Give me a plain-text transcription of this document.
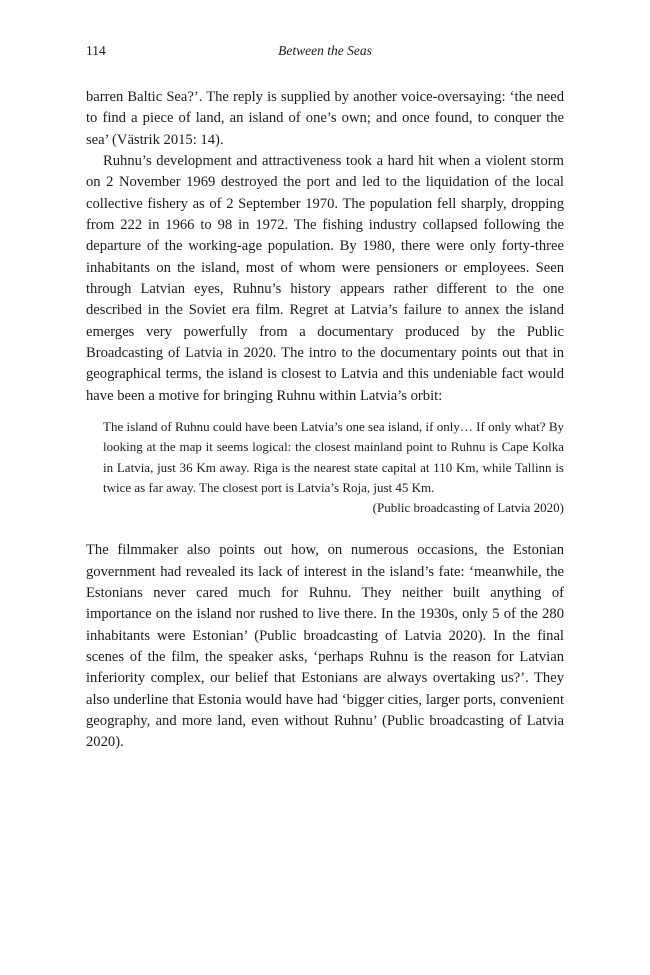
114	Between the Seas

barren Baltic Sea?’. The reply is supplied by another voice-oversaying: ‘the need to find a piece of land, an island of one’s own; and once found, to conquer the sea’ (Västrik 2015: 14).

Ruhnu’s development and attractiveness took a hard hit when a violent storm on 2 November 1969 destroyed the port and led to the liquidation of the local collective fishery as of 2 September 1970. The population fell sharply, dropping from 222 in 1966 to 98 in 1972. The fishing industry collapsed following the departure of the working-age population. By 1980, there were only forty-three inhabitants on the island, most of whom were pensioners or employees. Seen through Latvian eyes, Ruhnu’s history appears rather different to the one described in the Soviet era film. Regret at Latvia’s failure to annex the island emerges very powerfully from a documentary produced by the Public Broadcasting of Latvia in 2020. The intro to the documentary points out that in geographical terms, the island is closest to Latvia and this undeniable fact would have been a motive for bringing Ruhnu within Latvia’s orbit:

The island of Ruhnu could have been Latvia’s one sea island, if only… If only what? By looking at the map it seems logical: the closest mainland point to Ruhnu is Cape Kolka in Latvia, just 36 Km away. Riga is the nearest state capital at 110 Km, while Tallinn is twice as far away. The closest port is Latvia’s Roja, just 45 Km.

(Public broadcasting of Latvia 2020)

The filmmaker also points out how, on numerous occasions, the Estonian government had revealed its lack of interest in the island’s fate: ‘meanwhile, the Estonians never cared much for Ruhnu. They neither built anything of importance on the island nor rushed to live there. In the 1930s, only 5 of the 280 inhabitants were Estonian’ (Public broadcasting of Latvia 2020). In the final scenes of the film, the speaker asks, ‘perhaps Ruhnu is the reason for Latvian inferiority complex, our belief that Estonians are always overtaking us?’. They also underline that Estonia would have had ‘bigger cities, larger ports, convenient geography, and more land, even without Ruhnu’ (Public broadcasting of Latvia 2020).
